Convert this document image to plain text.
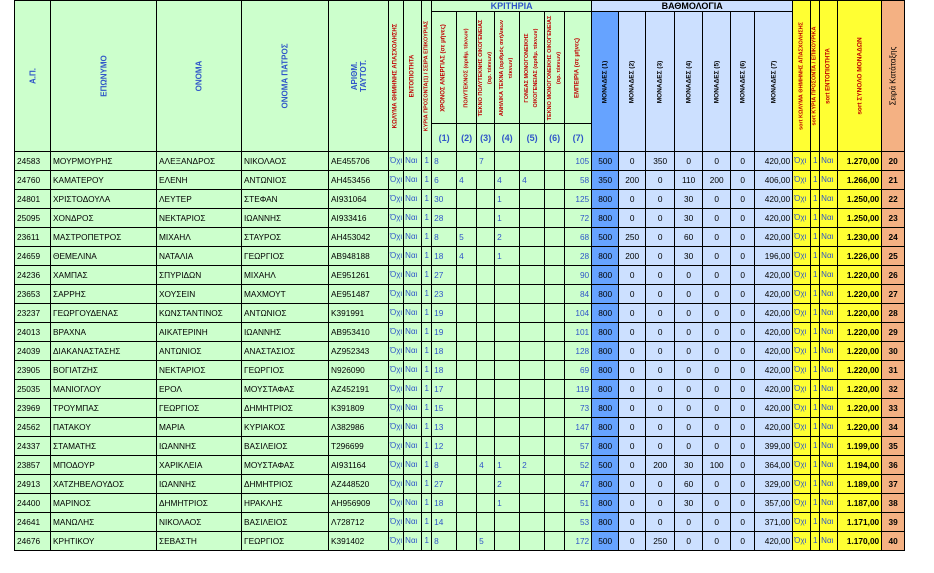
Α.Π.	ΕΠΩΝΥΜΟ	ΟΝΟΜΑ	ΟΝΟΜΑ ΠΑΤΡΟΣ	ΑΡΙΘΜ. ΤΑΥΤΟΤ.	ΚΩΛΥΜΑ ΘΗΜΗΝΗΣ ΑΠΑΣΧΟΛΗΣΗΣ	ΕΝΤΟΠΙΟΤΗΤΑ	ΚΥΡΙΑ ΠΡΟΣΟΝΤΑ(1) / ΣΕΙΡΑ ΕΠΙΚΟΥΡΙΑΣ	ΚΡΙΤΗΡΙΑ							ΒΑΘΜΟΛΟΓΙΑ							sort ΚΩΛΥΜΑ ΘΗΜΗΝΗΣ ΑΠΑΣΧΟΛΗΣΗΣ	sort ΚΥΡΙΑ ΠΡΟΣΟΝΤΑ / ΕΠΙΚΟΥΡΙΚΑ	sort ΕΝΤΟΠΙΟΤΗΤΑ	sort ΣΥΝΟΛΟ ΜΟΝΑΔΩΝ	Σειρά Κατάταξης

								ΧΡΟΝΟΣ ΑΝΕΡΓΙΑΣ (σε μήνες)	ΠΟΛΥΤΕΚΝΟΣ (αριθμ. τέκνων)	ΤΕΚΝΟ ΠΟΛΥΤΕΚΝΗΣ ΟΙΚΟΓΕΝΕΙΑΣ (αρ. τέκνων)	ΑΝΗΛΙΚΑ ΤΕΚΝΑ (αριθμός ανήλικων τέκνων)	ΓΟΝΕΑΣ ΜΟΝΟΓΟΝΕΙΚΗΣ ΟΙΚΟΓΕΝΕΙΑΣ (αριθμ. τέκνων)	ΤΕΚΝΟ ΜΟΝΟΓΟΝΕΙΚΗΣ ΟΙΚΟΓΕΝΕΙΑΣ (αρ. τέκνων)	ΕΜΠΕΙΡΙΑ (σε μήνες)	ΜΟΝΑΔΕΣ (1)	ΜΟΝΑΔΕΣ (2)	ΜΟΝΑΔΕΣ (3)	ΜΟΝΑΔΕΣ (4)	ΜΟΝΑΔΕΣ (5)	ΜΟΝΑΔΕΣ (6)	ΜΟΝΑΔΕΣ (7)					

								(1)	(2)	(3)	(4)	(5)	(6)	(7)												
24583	ΜΟΥΡΜΟΥΡΗΣ	ΑΛΕΞΑΝΔΡΟΣ	ΝΙΚΟΛΑΟΣ	ΑΕ455706	Όχι	Ναι	1	8		7				105	500	0	350	0	0	0	420,00	Όχι	1	Ναι	1.270,00	20
24760	ΚΑΜΑΤΕΡΟΥ	ΕΛΕΝΗ	ΑΝΤΩΝΙΟΣ	ΑΗ453456	Όχι	Ναι	1	6	4		4	4		58	350	200	0	110	200	0	406,00	Όχι	1	Ναι	1.266,00	21
24801	ΧΡΙΣΤΟΔΟΥΛΑ	ΛΕΥΤΕΡ	ΣΤΕΦΑΝ	ΑΙ931064	Όχι	Ναι	1	30			1			125	800	0	0	30	0	0	420,00	Όχι	1	Ναι	1.250,00	22
25095	ΧΟΝΔΡΟΣ	ΝΕΚΤΑΡΙΟΣ	ΙΩΑΝΝΗΣ	ΑΙ933416	Όχι	Ναι	1	28			1			72	800	0	0	30	0	0	420,00	Όχι	1	Ναι	1.250,00	23
23611	ΜΑΣΤΡΟΠΕΤΡΟΣ	ΜΙΧΑΗΛ	ΣΤΑΥΡΟΣ	ΑΗ453042	Όχι	Ναι	1	8	5		2			68	500	250	0	60	0	0	420,00	Όχι	1	Ναι	1.230,00	24
24659	ΘΕΜΕΛΙΝΑ	ΝΑΤΑΛΙΑ	ΓΕΩΡΓΙΟΣ	ΑΒ948188	Όχι	Ναι	1	18	4		1			28	800	200	0	30	0	0	196,00	Όχι	1	Ναι	1.226,00	25
24236	ΧΑΜΠΑΣ	ΣΠΥΡΙΔΩΝ	ΜΙΧΑΗΛ	ΑΕ951261	Όχι	Ναι	1	27						90	800	0	0	0	0	0	420,00	Όχι	1	Ναι	1.220,00	26
23653	ΣΑΡΡΗΣ	ΧΟΥΣΕΙΝ	ΜΑΧΜΟΥΤ	ΑΕ951487	Όχι	Ναι	1	23						84	800	0	0	0	0	0	420,00	Όχι	1	Ναι	1.220,00	27
23237	ΓΕΩΡΓΟΥΔΕΝΑΣ	ΚΩΝΣΤΑΝΤΙΝΟΣ	ΑΝΤΩΝΙΟΣ	Κ391991	Όχι	Ναι	1	19						104	800	0	0	0	0	0	420,00	Όχι	1	Ναι	1.220,00	28
24013	ΒΡΑΧΝΑ	ΑΙΚΑΤΕΡΙΝΗ	ΙΩΑΝΝΗΣ	ΑΒ953410	Όχι	Ναι	1	19						101	800	0	0	0	0	0	420,00	Όχι	1	Ναι	1.220,00	29
24039	ΔΙΑΚΑΝΑΣΤΑΣΗΣ	ΑΝΤΩΝΙΟΣ	ΑΝΑΣΤΑΣΙΟΣ	ΑΖ952343	Όχι	Ναι	1	18						128	800	0	0	0	0	0	420,00	Όχι	1	Ναι	1.220,00	30
23905	ΒΟΓΙΑΤΖΗΣ	ΝΕΚΤΑΡΙΟΣ	ΓΕΩΡΓΙΟΣ	Ν926090	Όχι	Ναι	1	18						69	800	0	0	0	0	0	420,00	Όχι	1	Ναι	1.220,00	31
25035	ΜΑΝΙΟΓΛΟΥ	ΕΡΟΛ	ΜΟΥΣΤΑΦΑΣ	ΑΖ452191	Όχι	Ναι	1	17						119	800	0	0	0	0	0	420,00	Όχι	1	Ναι	1.220,00	32
23969	ΤΡΟΥΜΠΑΣ	ΓΕΩΡΓΙΟΣ	ΔΗΜΗΤΡΙΟΣ	Κ391809	Όχι	Ναι	1	15						73	800	0	0	0	0	0	420,00	Όχι	1	Ναι	1.220,00	33
24562	ΠΑΤΑΚΟΥ	ΜΑΡΙΑ	ΚΥΡΙΑΚΟΣ	Λ382986	Όχι	Ναι	1	13						147	800	0	0	0	0	0	420,00	Όχι	1	Ναι	1.220,00	34
24337	ΣΤΑΜΑΤΗΣ	ΙΩΑΝΝΗΣ	ΒΑΣΙΛΕΙΟΣ	Τ296699	Όχι	Ναι	1	12						57	800	0	0	0	0	0	399,00	Όχι	1	Ναι	1.199,00	35
23857	ΜΠΟΔΟΥΡ	ΧΑΡΙΚΛΕΙΑ	ΜΟΥΣΤΑΦΑΣ	ΑΙ931164	Όχι	Ναι	1	8		4	1	2		52	500	0	200	30	100	0	364,00	Όχι	1	Ναι	1.194,00	36
24913	ΧΑΤΖΗΒΕΛΟΥΔΟΣ	ΙΩΑΝΝΗΣ	ΔΗΜΗΤΡΙΟΣ	ΑΖ448520	Όχι	Ναι	1	27			2			47	800	0	0	60	0	0	329,00	Όχι	1	Ναι	1.189,00	37
24400	ΜΑΡΙΝΟΣ	ΔΗΜΗΤΡΙΟΣ	ΗΡΑΚΛΗΣ	ΑΗ956909	Όχι	Ναι	1	18			1			51	800	0	0	30	0	0	357,00	Όχι	1	Ναι	1.187,00	38
24641	ΜΑΝΩΛΗΣ	ΝΙΚΟΛΑΟΣ	ΒΑΣΙΛΕΙΟΣ	Λ728712	Όχι	Ναι	1	14						53	800	0	0	0	0	0	371,00	Όχι	1	Ναι	1.171,00	39
24676	ΚΡΗΤΙΚΟΥ	ΣΕΒΑΣΤΗ	ΓΕΩΡΓΙΟΣ	Κ391402	Όχι	Ναι	1	8		5				172	500	0	250	0	0	0	420,00	Όχι	1	Ναι	1.170,00	40
